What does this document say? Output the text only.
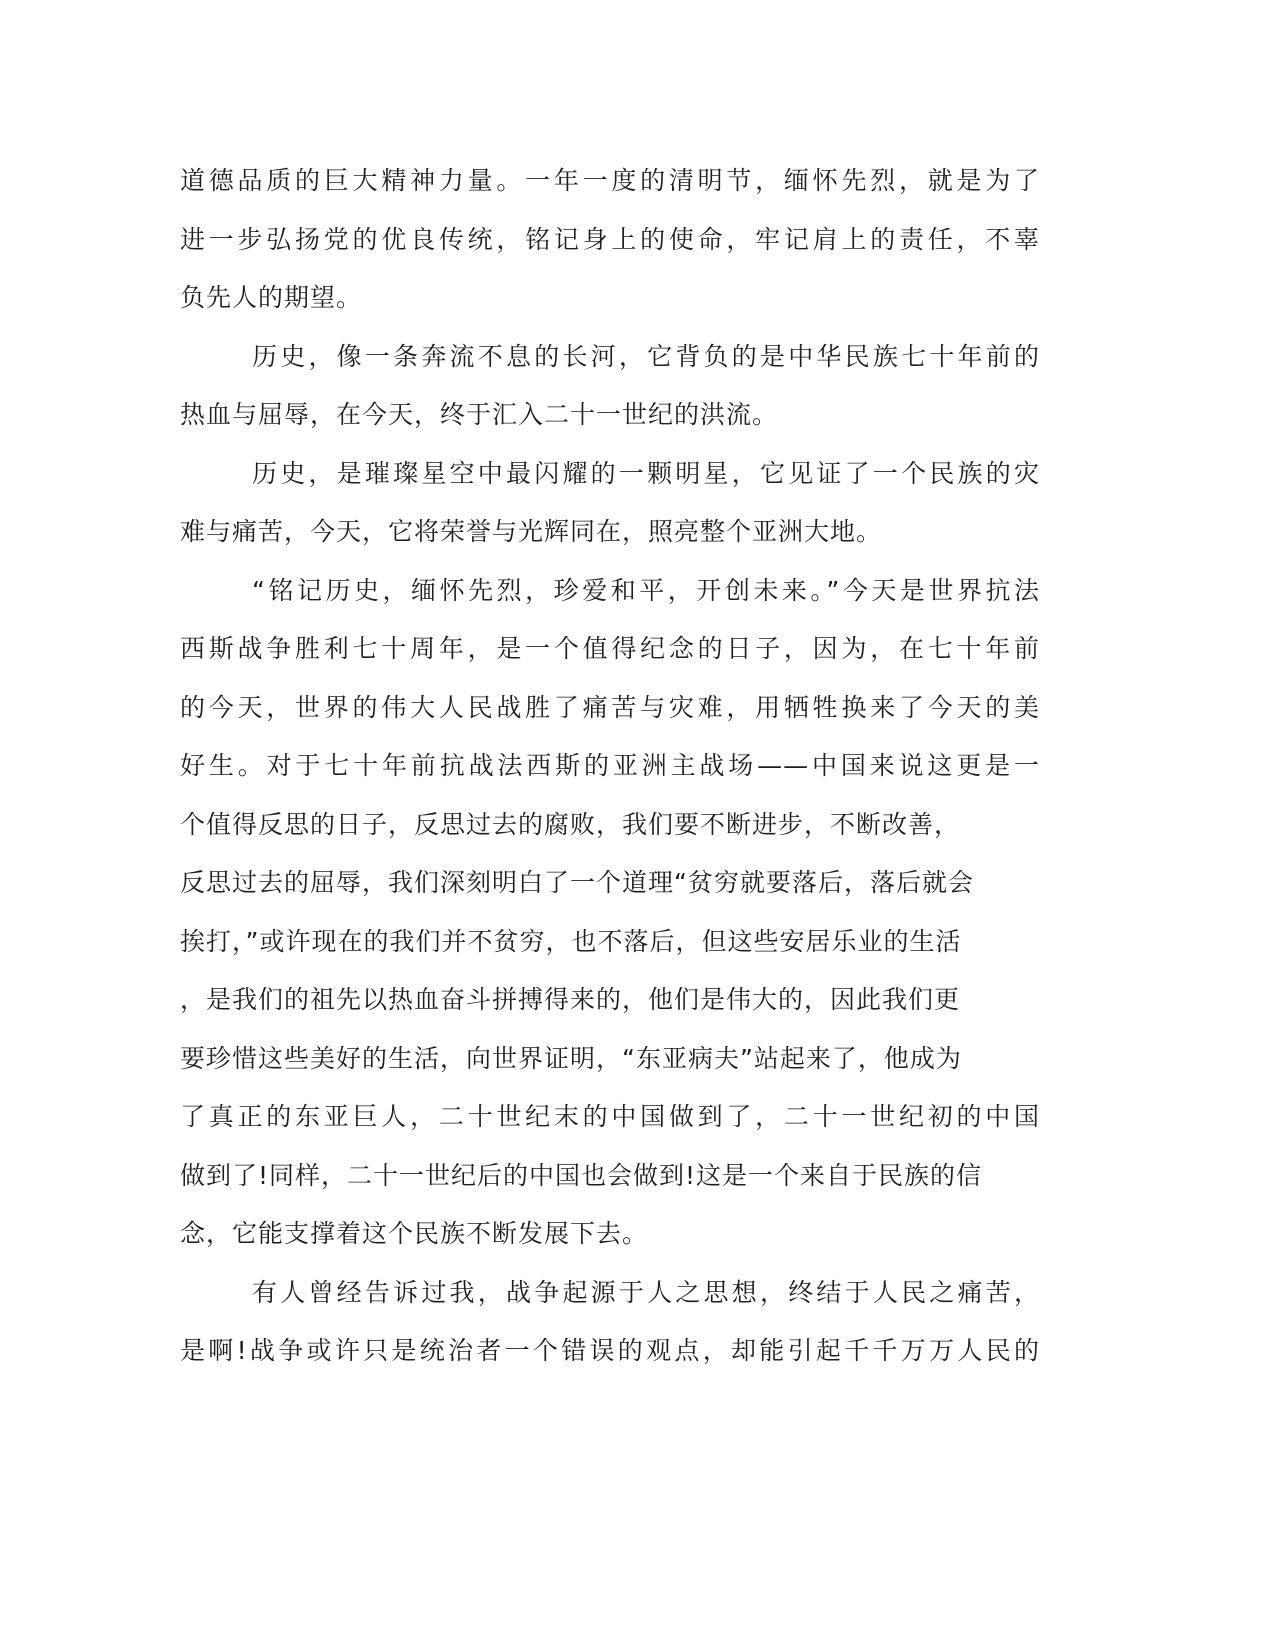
道德品质的巨大精神力量。一年一度的清明节，缅怀先烈，就是为了
进一步弘扬党的优良传统，铭记身上的使命，牢记肩上的责任，不辜
负先人的期望。
历史，像一条奔流不息的长河，它背负的是中华民族七十年前的
热血与屈辱，在今天，终于汇入二十一世纪的洪流。
历史，是璀璨星空中最闪耀的一颗明星，它见证了一个民族的灾
难与痛苦，今天，它将荣誉与光辉同在，照亮整个亚洲大地。
“铭记历史，缅怀先烈，珍爱和平，开创未来。”今天是世界抗法
西斯战争胜利七十周年，是一个值得纪念的日子，因为，在七十年前
的今天，世界的伟大人民战胜了痛苦与灾难，用牺牲换来了今天的美
好生。对于七十年前抗战法西斯的亚洲主战场——中国来说这更是一
个值得反思的日子，反思过去的腐败，我们要不断进步，不断改善，
反思过去的屈辱，我们深刻明白了一个道理“贫穷就要落后，落后就会
挨打，”或许现在的我们并不贫穷，也不落后，但这些安居乐业的生活
，是我们的祖先以热血奋斗拼搏得来的，他们是伟大的，因此我们更
要珍惜这些美好的生活，向世界证明，“东亚病夫”站起来了，他成为
了真正的东亚巨人，二十世纪末的中国做到了，二十一世纪初的中国
做到了!同样，二十一世纪后的中国也会做到!这是一个来自于民族的信
念，它能支撑着这个民族不断发展下去。
有人曾经告诉过我，战争起源于人之思想，终结于人民之痛苦，
是啊!战争或许只是统治者一个错误的观点，却能引起千千万万人民的
